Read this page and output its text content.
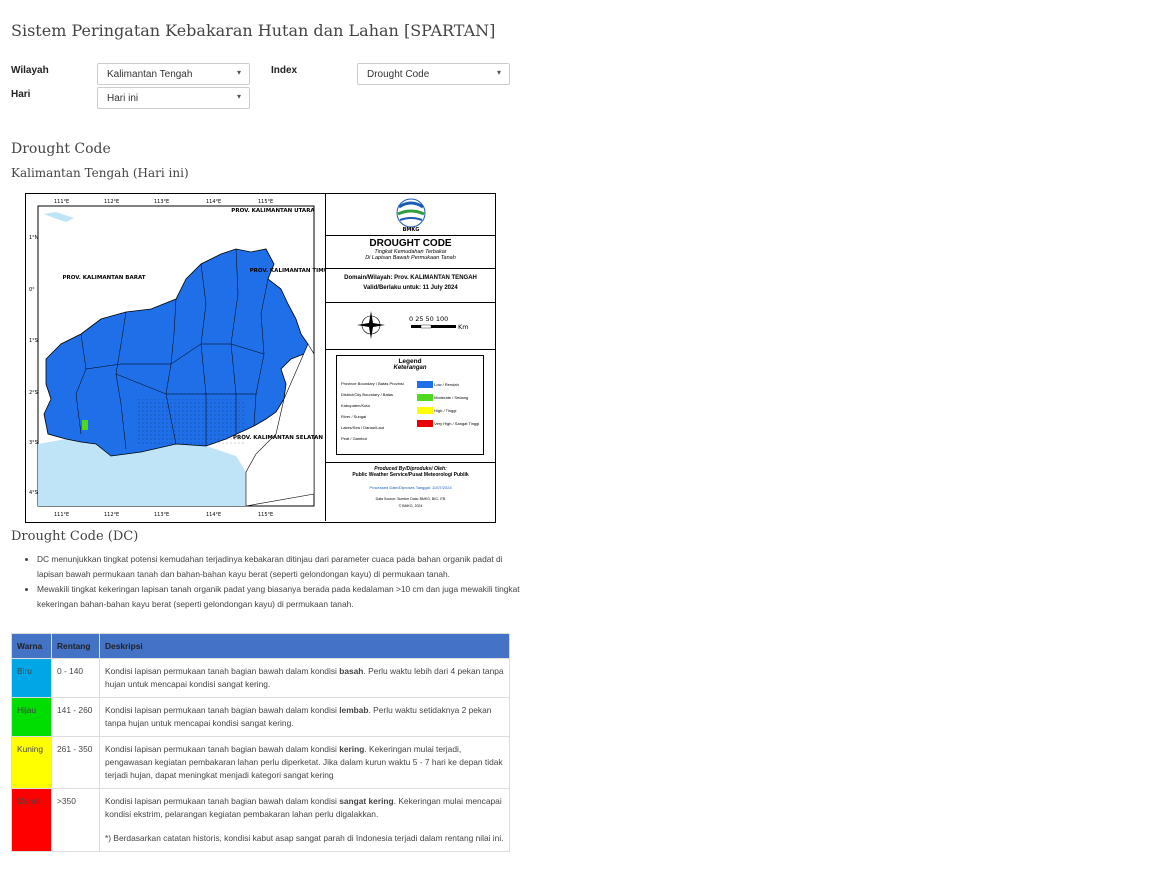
Sistem Peringatan Kebakaran Hutan dan Lahan [SPARTAN]
Wilayah	Kalimantan Tengah	▾
Hari	Hari ini	▾
Index	Drought Code	▾
Drought Code
Kalimantan Tengah (Hari ini)
111°E	112°E	113°E	114°E	115°E
111°E	112°E	113°E	114°E	115°E
1°N
0°
1°S
2°S
3°S
4°S
PROV. KALIMANTAN UTARA
PROV. KALIMANTAN BARAT
PROV. KALIMANTAN TIMUR
PROV. KALIMANTAN SELATAN
BMKG
DROUGHT CODE
Tingkat Kemudahan Terbakar
Di Lapisan Bawah Permukaan Tanah
Domain/Wilayah: Prov. KALIMANTAN TENGAH
Valid/Berlaku untuk: 11 July 2024
0 25 50 100
Km
Legend
Keterangan
Province Boundary / Batas Provinsi
District/City Boundary / Batas Kabupaten/Kota
River / Sungai
Lakes/Sea / Danau/Laut
Peat / Gambut
Low / Rendah
Moderate / Sedang
High / Tinggi
Very High / Sangat Tinggi
Produced By/Diproduksi Oleh:
Public Weather Service/Pusat Meteorologi Publik
Processed Date/Diproses Tanggal: 11/07/2024
Data Source: Sumber Data: BMKG, BIG, ITB
© BMKG, 2024
Drought Code (DC)
• DC menunjukkan tingkat potensi kemudahan terjadinya kebakaran ditinjau dari parameter cuaca pada bahan organik padat di lapisan bawah permukaan tanah dan bahan-bahan kayu berat (seperti gelondongan kayu) di permukaan tanah.
• Mewakili tingkat kekeringan lapisan tanah organik padat yang biasanya berada pada kedalaman >10 cm dan juga mewakili tingkat kekeringan bahan-bahan kayu berat (seperti gelondongan kayu) di permukaan tanah.
Warna	Rentang	Deskripsi
Biru	0 - 140	Kondisi lapisan permukaan tanah bagian bawah dalam kondisi basah. Perlu waktu lebih dari 4 pekan tanpa hujan untuk mencapai kondisi sangat kering.
Hijau	141 - 260	Kondisi lapisan permukaan tanah bagian bawah dalam kondisi lembab. Perlu waktu setidaknya 2 pekan tanpa hujan untuk mencapai kondisi sangat kering.
Kuning	261 - 350	Kondisi lapisan permukaan tanah bagian bawah dalam kondisi kering. Kekeringan mulai terjadi, pengawasan kegiatan pembakaran lahan perlu diperketat. Jika dalam kurun waktu 5 - 7 hari ke depan tidak terjadi hujan, dapat meningkat menjadi kategori sangat kering
Merah	>350	Kondisi lapisan permukaan tanah bagian bawah dalam kondisi sangat kering. Kekeringan mulai mencapai kondisi ekstrim, pelarangan kegiatan pembakaran lahan perlu digalakkan.
*) Berdasarkan catatan historis, kondisi kabut asap sangat parah di Indonesia terjadi dalam rentang nilai ini.
